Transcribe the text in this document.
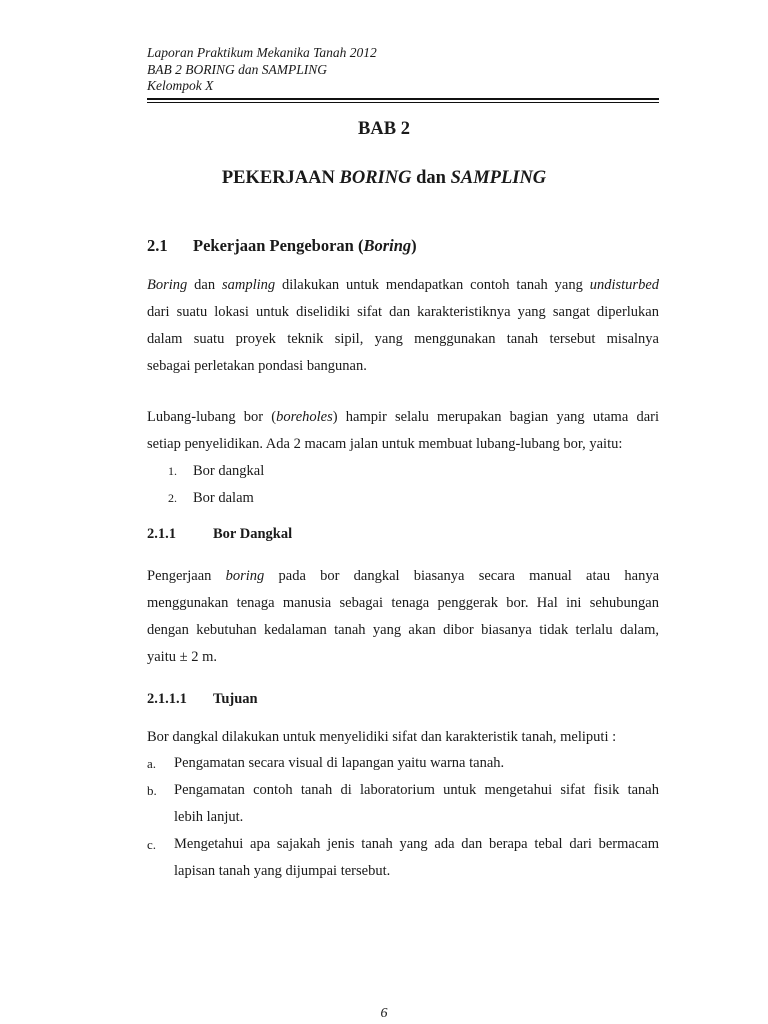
Laporan Praktikum Mekanika Tanah 2012
BAB 2 BORING dan SAMPLING
Kelompok X
BAB 2
PEKERJAAN BORING dan SAMPLING
2.1 Pekerjaan Pengeboran (Boring)
Boring dan sampling dilakukan untuk mendapatkan contoh tanah yang undisturbed
dari suatu lokasi untuk diselidiki sifat dan karakteristiknya yang sangat diperlukan
dalam suatu proyek teknik sipil, yang menggunakan tanah tersebut misalnya
sebagai perletakan pondasi bangunan.
Lubang-lubang bor (boreholes) hampir selalu merupakan bagian yang utama dari
setiap penyelidikan. Ada 2 macam jalan untuk membuat lubang-lubang bor, yaitu:
1. Bor dangkal
2. Bor dalam
2.1.1	Bor Dangkal
Pengerjaan boring pada bor dangkal biasanya secara manual atau hanya
menggunakan tenaga manusia sebagai tenaga penggerak bor. Hal ini sehubungan
dengan kebutuhan kedalaman tanah yang akan dibor biasanya tidak terlalu dalam,
yaitu ± 2 m.
2.1.1.1 Tujuan
Bor dangkal dilakukan untuk menyelidiki sifat dan karakteristik tanah, meliputi :
a.	Pengamatan secara visual di lapangan yaitu warna tanah.
b.	Pengamatan contoh tanah di laboratorium untuk mengetahui sifat fisik tanah
lebih lanjut.
c.	Mengetahui apa sajakah jenis tanah yang ada dan berapa tebal dari bermacam
lapisan tanah yang dijumpai tersebut.
6
